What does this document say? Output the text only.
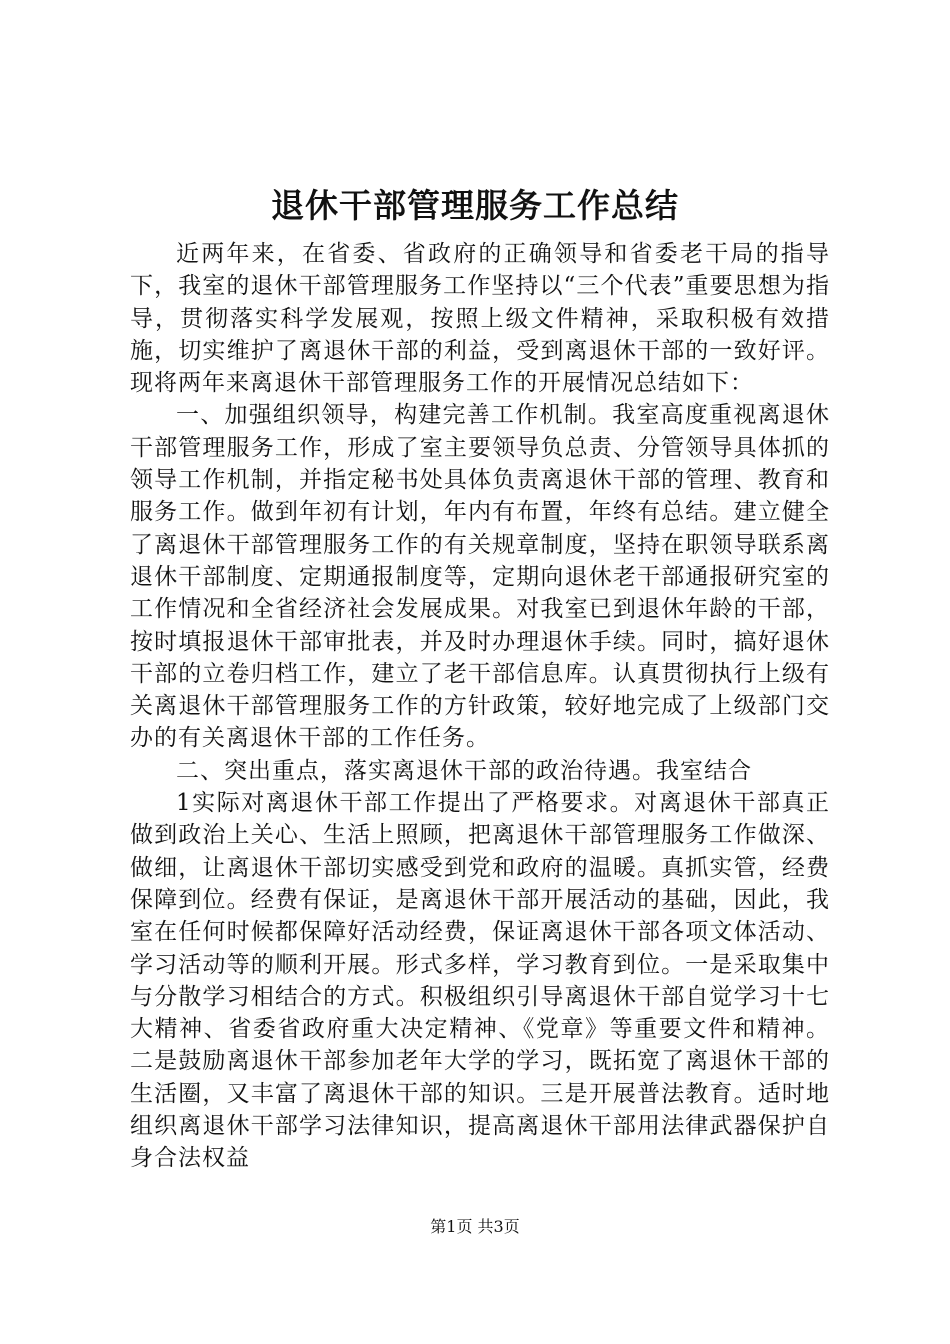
退休干部管理服务工作总结

近两年来，在省委、省政府的正确领导和省委老干局的指导下，我室的退休干部管理服务工作坚持以“三个代表”重要思想为指导，贯彻落实科学发展观，按照上级文件精神，采取积极有效措施，切实维护了离退休干部的利益，受到离退休干部的一致好评。现将两年来离退休干部管理服务工作的开展情况总结如下：

一、加强组织领导，构建完善工作机制。我室高度重视离退休干部管理服务工作，形成了室主要领导负总责、分管领导具体抓的领导工作机制，并指定秘书处具体负责离退休干部的管理、教育和服务工作。做到年初有计划，年内有布置，年终有总结。建立健全了离退休干部管理服务工作的有关规章制度，坚持在职领导联系离退休干部制度、定期通报制度等，定期向退休老干部通报研究室的工作情况和全省经济社会发展成果。对我室已到退休年龄的干部，按时填报退休干部审批表，并及时办理退休手续。同时，搞好退休干部的立卷归档工作，建立了老干部信息库。认真贯彻执行上级有关离退休干部管理服务工作的方针政策，较好地完成了上级部门交办的有关离退休干部的工作任务。

二、突出重点，落实离退休干部的政治待遇。我室结合

1实际对离退休干部工作提出了严格要求。对离退休干部真正做到政治上关心、生活上照顾，把离退休干部管理服务工作做深、做细，让离退休干部切实感受到党和政府的温暖。真抓实管，经费保障到位。经费有保证，是离退休干部开展活动的基础，因此，我室在任何时候都保障好活动经费，保证离退休干部各项文体活动、学习活动等的顺利开展。形式多样，学习教育到位。一是采取集中与分散学习相结合的方式。积极组织引导离退休干部自觉学习十七大精神、省委省政府重大决定精神、《党章》等重要文件和精神。二是鼓励离退休干部参加老年大学的学习，既拓宽了离退休干部的生活圈，又丰富了离退休干部的知识。三是开展普法教育。适时地组织离退休干部学习法律知识，提高离退休干部用法律武器保护自身合法权益

第1页 共3页
